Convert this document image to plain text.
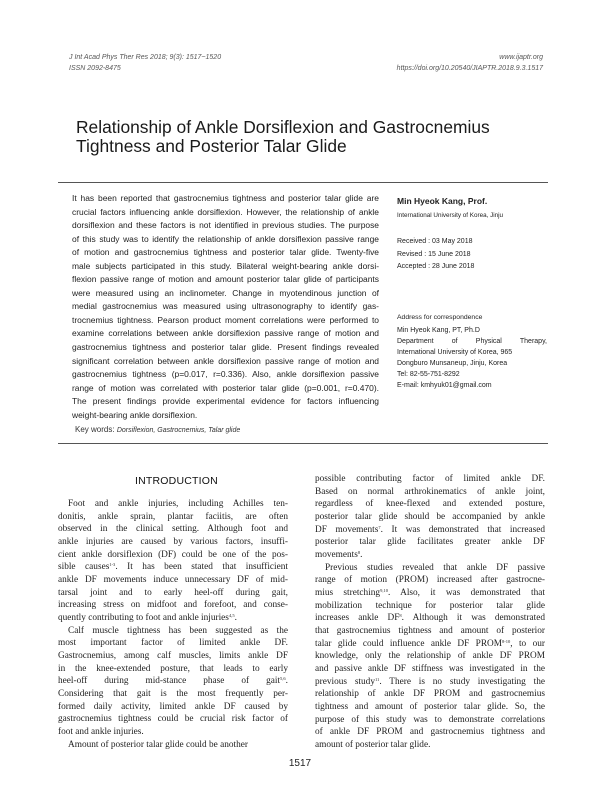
J Int Acad Phys Ther Res 2018; 9(3): 1517~1520
ISSN 2092-8475
www.ijaptr.org
https://doi.org/10.20540/JIAPTR.2018.9.3.1517
Relationship of Ankle Dorsiflexion and Gastrocnemius
Tightness and Posterior Talar Glide
It has been reported that gastrocnemius tightness and posterior talar glide are
crucial factors influencing ankle dorsiflexion. However, the relationship of ankle
dorsiflexion and these factors is not identified in previous studies. The purpose
of this study was to identify the relationship of ankle dorsiflexion passive range
of motion and gastrocnemius tightness and posterior talar glide. Twenty-five
male subjects participated in this study. Bilateral weight-bearing ankle dorsi-
flexion passive range of motion and amount posterior talar glide of participants
were measured using an inclinometer. Change in myotendinous junction of
medial gastrocnemius was measured using ultrasonography to identify gas-
trocnemius tightness. Pearson product moment correlations were performed to
examine correlations between ankle dorsiflexion passive range of motion and
gastrocnemius tightness and posterior talar glide. Present findings revealed
significant correlation between ankle dorsiflexion passive range of motion and
gastrocnemius tightness (p=0.017, r=0.336). Also, ankle dorsiflexion passive
range of motion was correlated with posterior talar glide (p=0.001, r=0.470).
The present findings provide experimental evidence for factors influencing
weight-bearing ankle dorsiflexion.
Min Hyeok Kang, Prof.
International University of Korea, Jinju
Received : 03 May 2018
Revised : 15 June 2018
Accepted : 28 June 2018
Address for correspondence
Min Hyeok Kang, PT, Ph.D
Department of Physical Therapy,
International University of Korea, 965
Dongburo Munsaneup, Jinju, Korea
Tel: 82-55-751-8292
E-mail: kmhyuk01@gmail.com
Key words: Dorsiflexion, Gastrocnemius, Talar glide
INTRODUCTION
Foot and ankle injuries, including Achilles ten-
donitis, ankle sprain, plantar faciitis, are often
observed in the clinical setting. Although foot and
ankle injuries are caused by various factors, insuffi-
cient ankle dorsiflexion (DF) could be one of the pos-
sible causes$^{1-3}$. It has been stated that insufficient
ankle DF movements induce unnecessary DF of mid-
tarsal joint and to early heel-off during gait,
increasing stress on midfoot and forefoot, and conse-
quently contributing to foot and ankle injuries$^{4,5}$.
Calf muscle tightness has been suggested as the
most important factor of limited ankle DF.
Gastrocnemius, among calf muscles, limits ankle DF
in the knee-extended posture, that leads to early
heel-off during mid-stance phase of gait$^{5,6}$.
Considering that gait is the most frequently per-
formed daily activity, limited ankle DF caused by
gastrocnemius tightness could be crucial risk factor of
foot and ankle injuries.
Amount of posterior talar glide could be another
possible contributing factor of limited ankle DF.
Based on normal arthrokinematics of ankle joint,
regardless of knee-flexed and extended posture,
posterior talar glide should be accompanied by ankle
DF movements$^7$. It was demonstrated that increased
posterior talar glide facilitates greater ankle DF
movements$^8$.
Previous studies revealed that ankle DF passive
range of motion (PROM) increased after gastrocne-
mius stretching$^{9,10}$. Also, it was demonstrated that
mobilization technique for posterior talar glide
increases ankle $DF^8$. Although it was demonstrated
that gastrocnemius tightness and amount of posterior
talar glide could influence ankle DF PROM$^{8-10}$, to our
knowledge, only the relationship of ankle DF PROM
and passive ankle DF stiffness was investigated in the
previous study$^{11}$. There is no study investigating the
relationship of ankle DF PROM and gastrocnemius
tightness and amount of posterior talar glide. So, the
purpose of this study was to demonstrate correlations
of ankle DF PROM and gastrocnemius tightness and
amount of posterior talar glide.
1517
